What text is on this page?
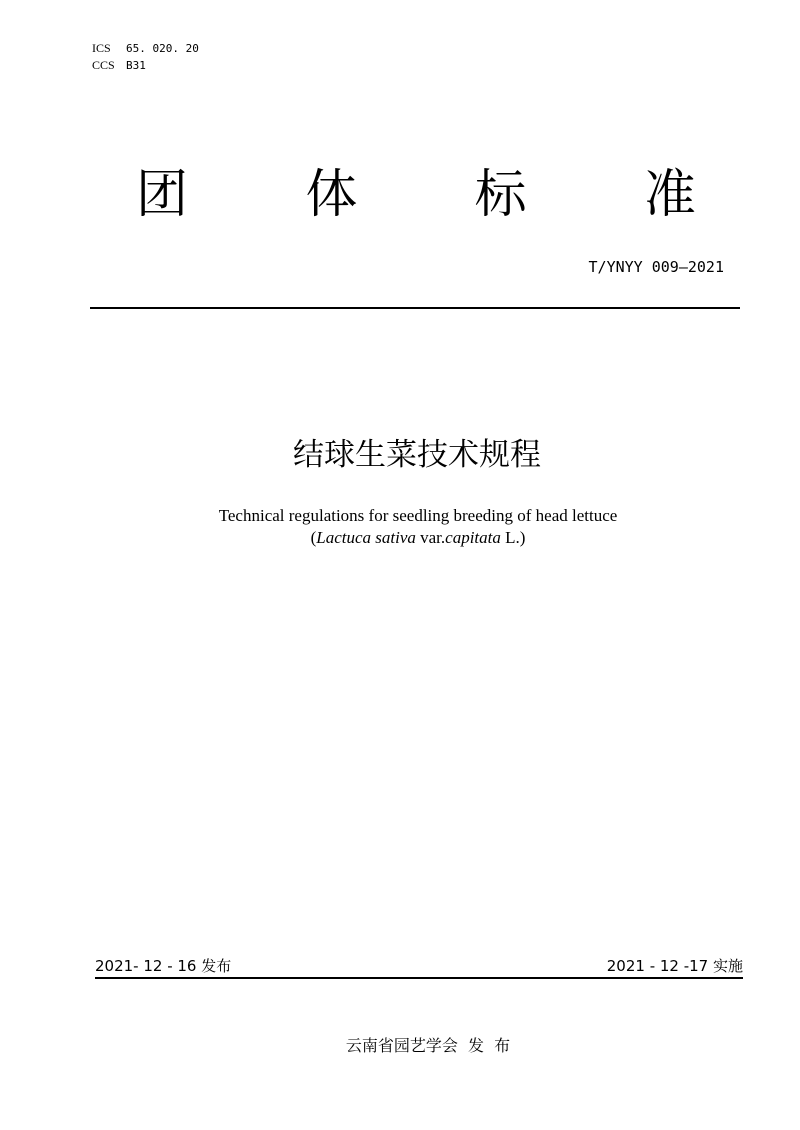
ICS 65. 020. 20
CCS B31
团 体 标 准
T/YNYY 009—2021
结球生菜技术规程
Technical regulations for seedling breeding of head lettuce
(Lactuca sativa var.capitata L.)
2021- 12 - 16 发布	2021 - 12 -17 实施
云南省园艺学会  发  布
